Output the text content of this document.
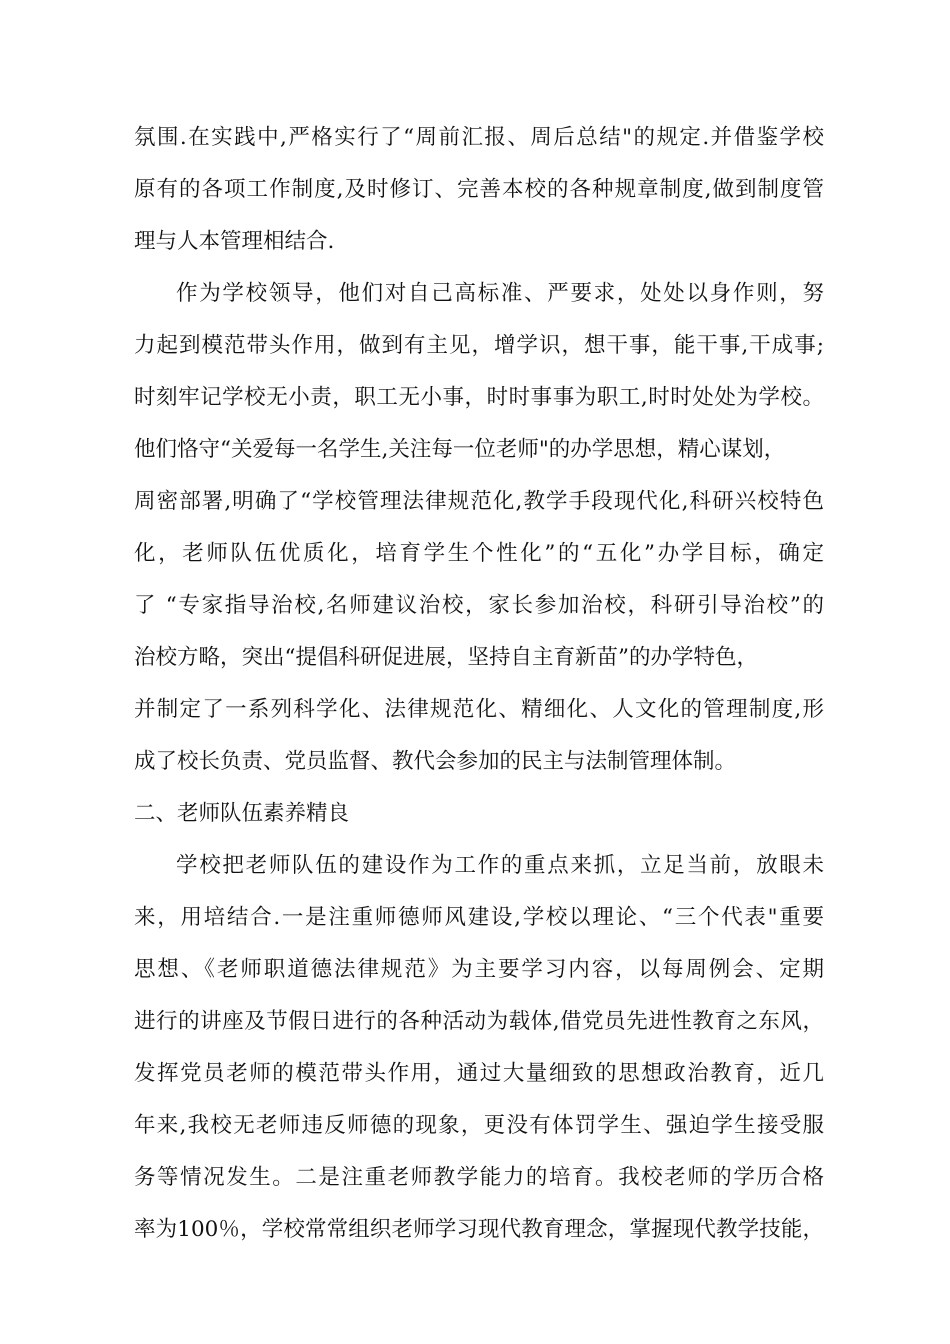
氛围.在实践中,严格实行了“周前汇报、周后总结"的规定.并借鉴学校
原有的各项工作制度,及时修订、完善本校的各种规章制度,做到制度管
理与人本管理相结合.
作为学校领导，他们对自己高标准、严要求，处处以身作则，努
力起到模范带头作用，做到有主见，增学识，想干事，能干事,干成事;
时刻牢记学校无小责，职工无小事，时时事事为职工,时时处处为学校。
他们恪守“关爱每一名学生,关注每一位老师"的办学思想，精心谋划，
周密部署,明确了“学校管理法律规范化,教学手段现代化,科研兴校特色
化，老师队伍优质化，培育学生个性化”的“五化”办学目标，确定
了 “专家指导治校,名师建议治校，家长参加治校，科研引导治校”的
治校方略，突出“提倡科研促进展，坚持自主育新苗”的办学特色，
并制定了一系列科学化、法律规范化、精细化、人文化的管理制度,形
成了校长负责、党员监督、教代会参加的民主与法制管理体制。
二、老师队伍素养精良
学校把老师队伍的建设作为工作的重点来抓，立足当前，放眼未
来，用培结合.一是注重师德师风建设,学校以理论、“三个代表"重要
思想、《老师职道德法律规范》为主要学习内容，以每周例会、定期
进行的讲座及节假日进行的各种活动为载体,借党员先进性教育之东风，
发挥党员老师的模范带头作用，通过大量细致的思想政治教育，近几
年来,我校无老师违反师德的现象，更没有体罚学生、强迫学生接受服
务等情况发生。二是注重老师教学能力的培育。我校老师的学历合格
率为100％，学校常常组织老师学习现代教育理念，掌握现代教学技能，
